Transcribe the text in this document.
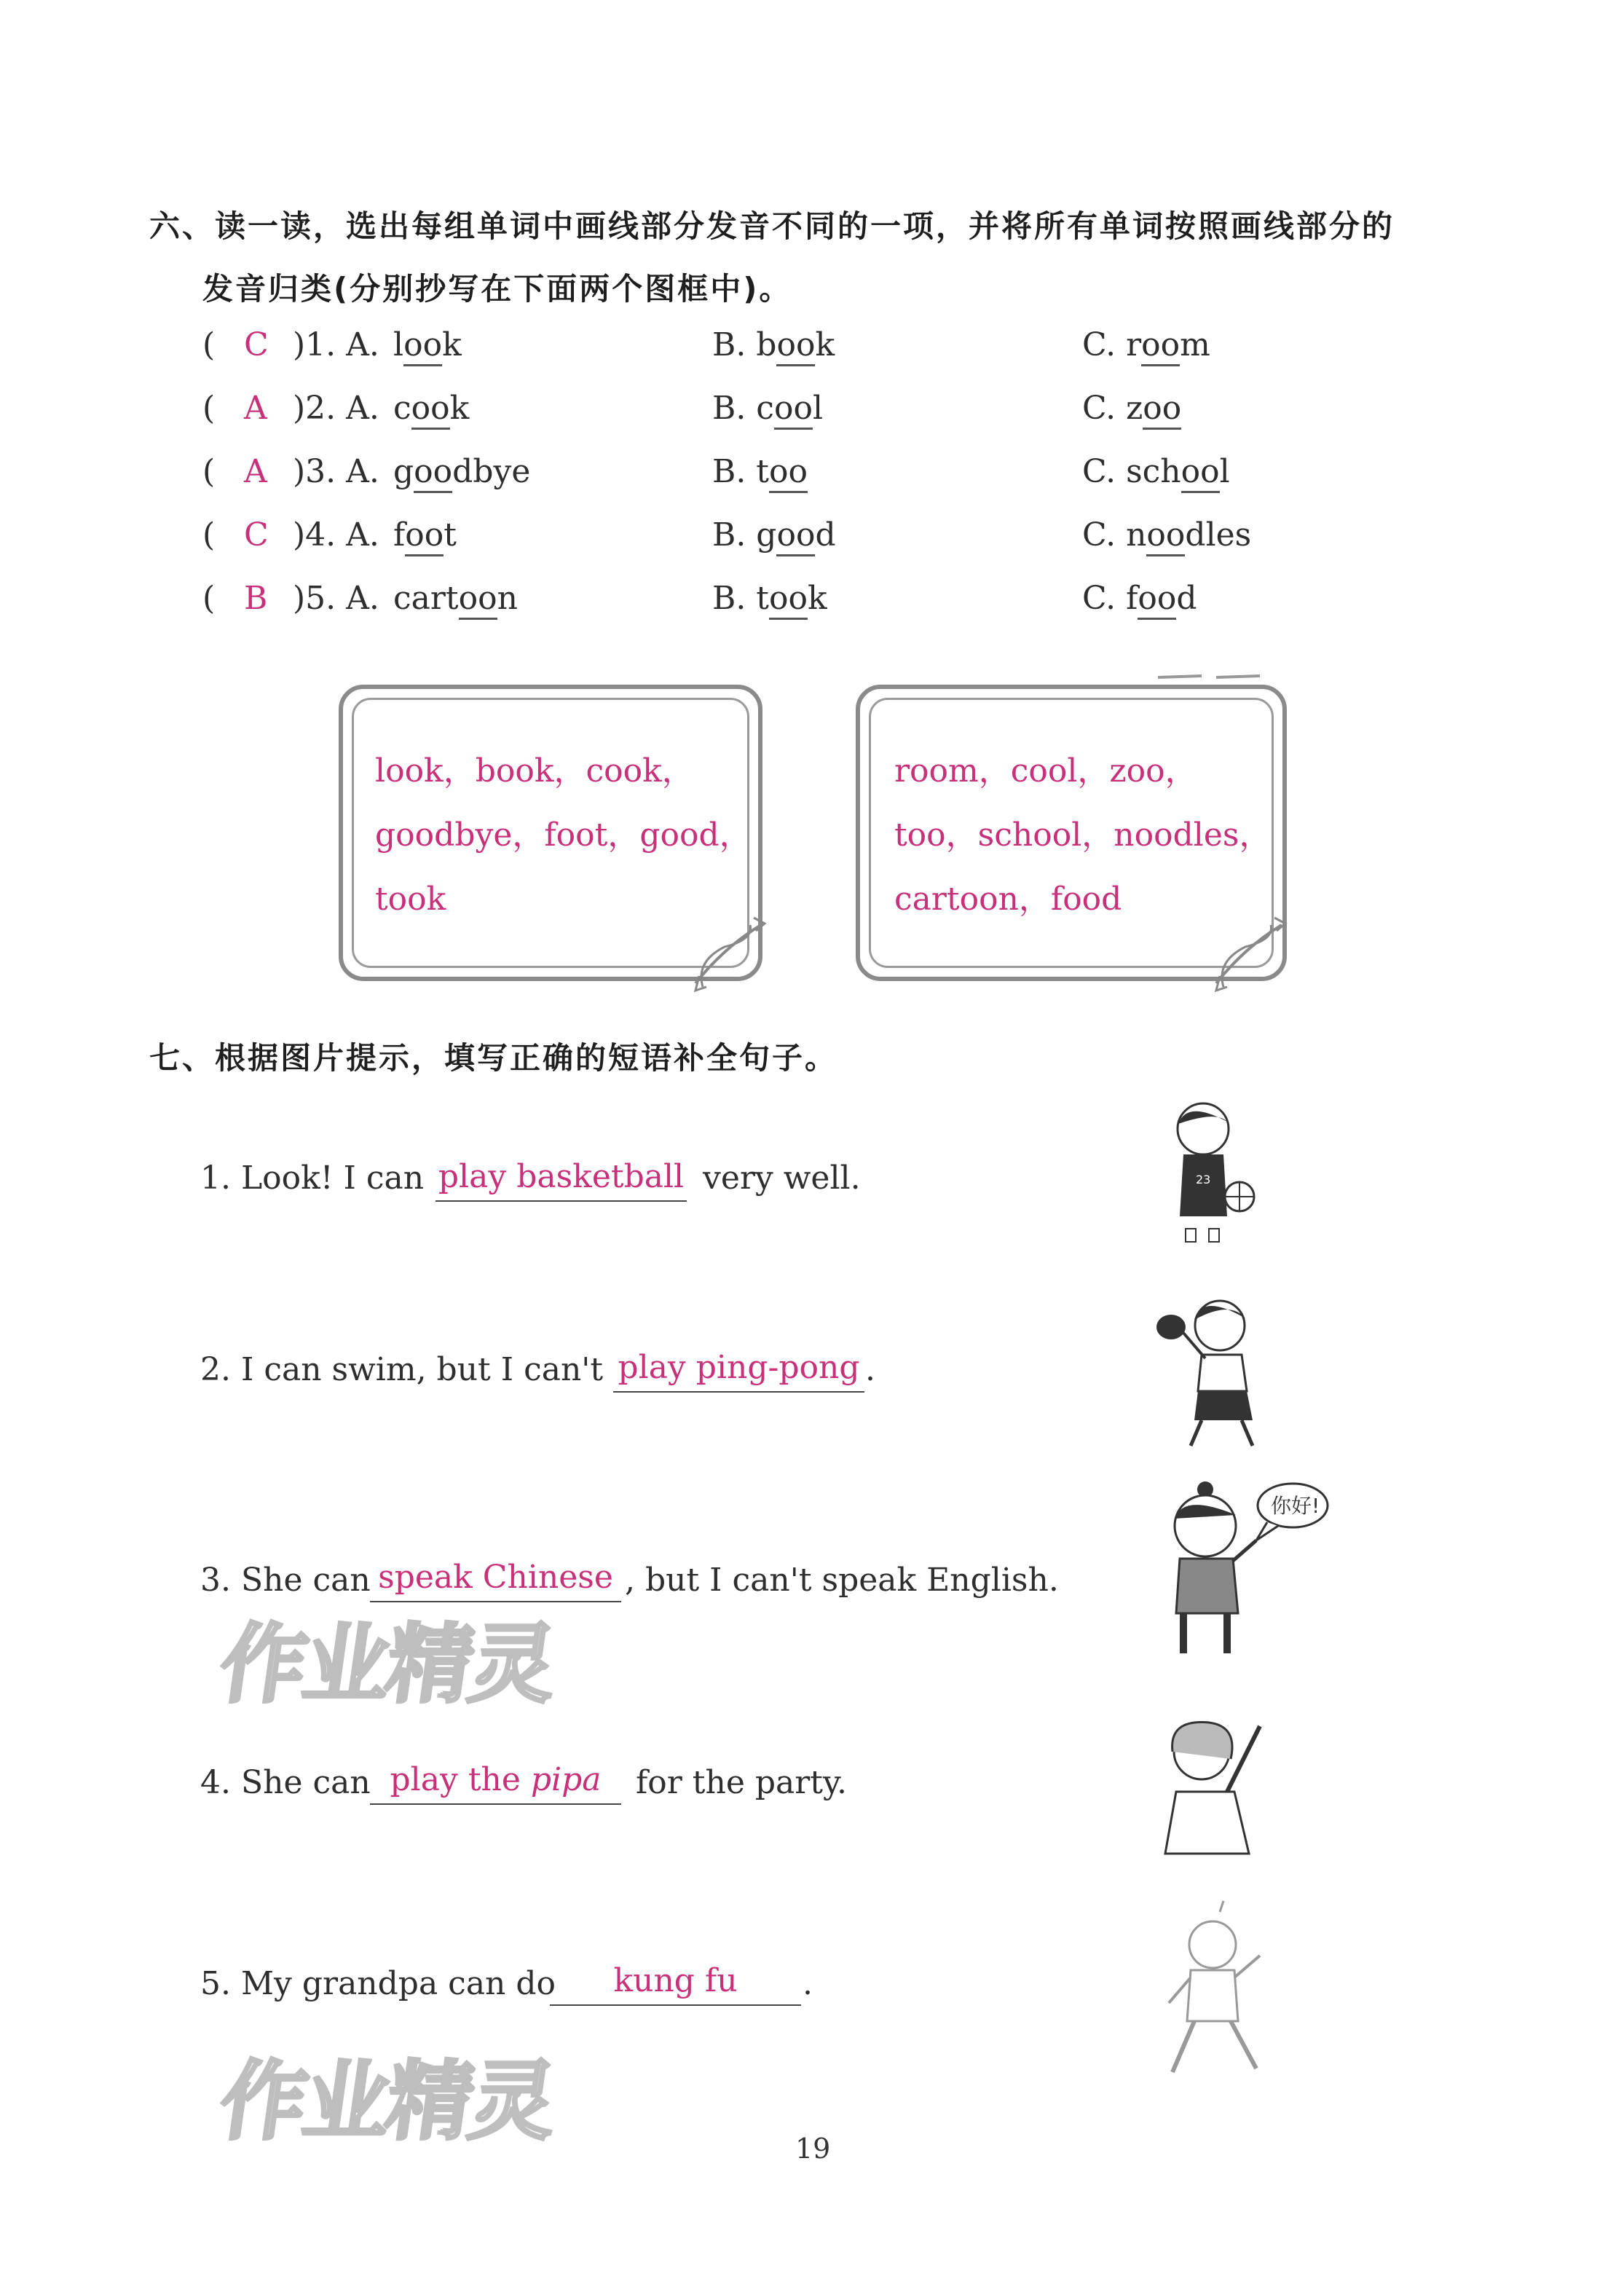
六、读一读，选出每组单词中画线部分发音不同的一项，并将所有单词按照画线部分的
发音归类(分别抄写在下面两个图框中)。
( C )1. A. look	B. book	C. room
( A )2. A. cook	B. cool	C. zoo
( A )3. A. goodbye	B. too	C. school
( C )4. A. foot	B. good	C. noodles
( B )5. A. cartoon	B. took	C. food
look，book，cook，
goodbye，foot，good，
took
room，cool，zoo，
too，school，noodles，
cartoon，food
七、根据图片提示，填写正确的短语补全句子。
1. Look! I can play basketball very well.
2. I can swim, but I can't play ping-pong .
3. She can speak Chinese , but I can't speak English.
4. She can play the pipa	for the party.
5. My grandpa can do	kung fu	.
23
你好!
作业精灵
作业精灵	19
